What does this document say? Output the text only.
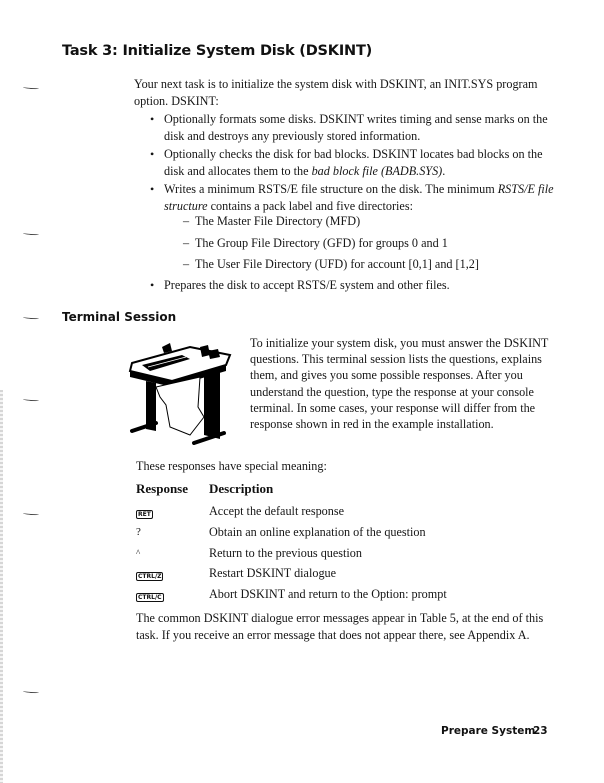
Task 3: Initialize System Disk (DSKINT)

Your next task is to initialize the system disk with DSKINT, an INIT.SYS program option. DSKINT:

• Optionally formats some disks. DSKINT writes timing and sense marks on the disk and destroys any previously stored information.
• Optionally checks the disk for bad blocks. DSKINT locates bad blocks on the disk and allocates them to the bad block file (BADB.SYS).
• Writes a minimum RSTS/E file structure on the disk. The minimum RSTS/E file structure contains a pack label and five directories:
– The Master File Directory (MFD)
– The Group File Directory (GFD) for groups 0 and 1
– The User File Directory (UFD) for account [0,1] and [1,2]
• Prepares the disk to accept RSTS/E system and other files.
Terminal Session

To initialize your system disk, you must answer the DSKINT questions. This terminal session lists the questions, explains them, and gives you some possible responses. After you understand the question, type the response at your console terminal. In some cases, your response will differ from the response shown in red in the example installation.

These responses have special meaning:

Response Description
RET	Accept the default response
?	Obtain an online explanation of the question
^	Return to the previous question
CTRL/Z	Restart DSKINT dialogue
CTRL/C	Abort DSKINT and return to the Option: prompt

The common DSKINT dialogue error messages appear in Table 5, at the end of this task. If you receive an error message that does not appear there, see Appendix A.

Prepare System
23
